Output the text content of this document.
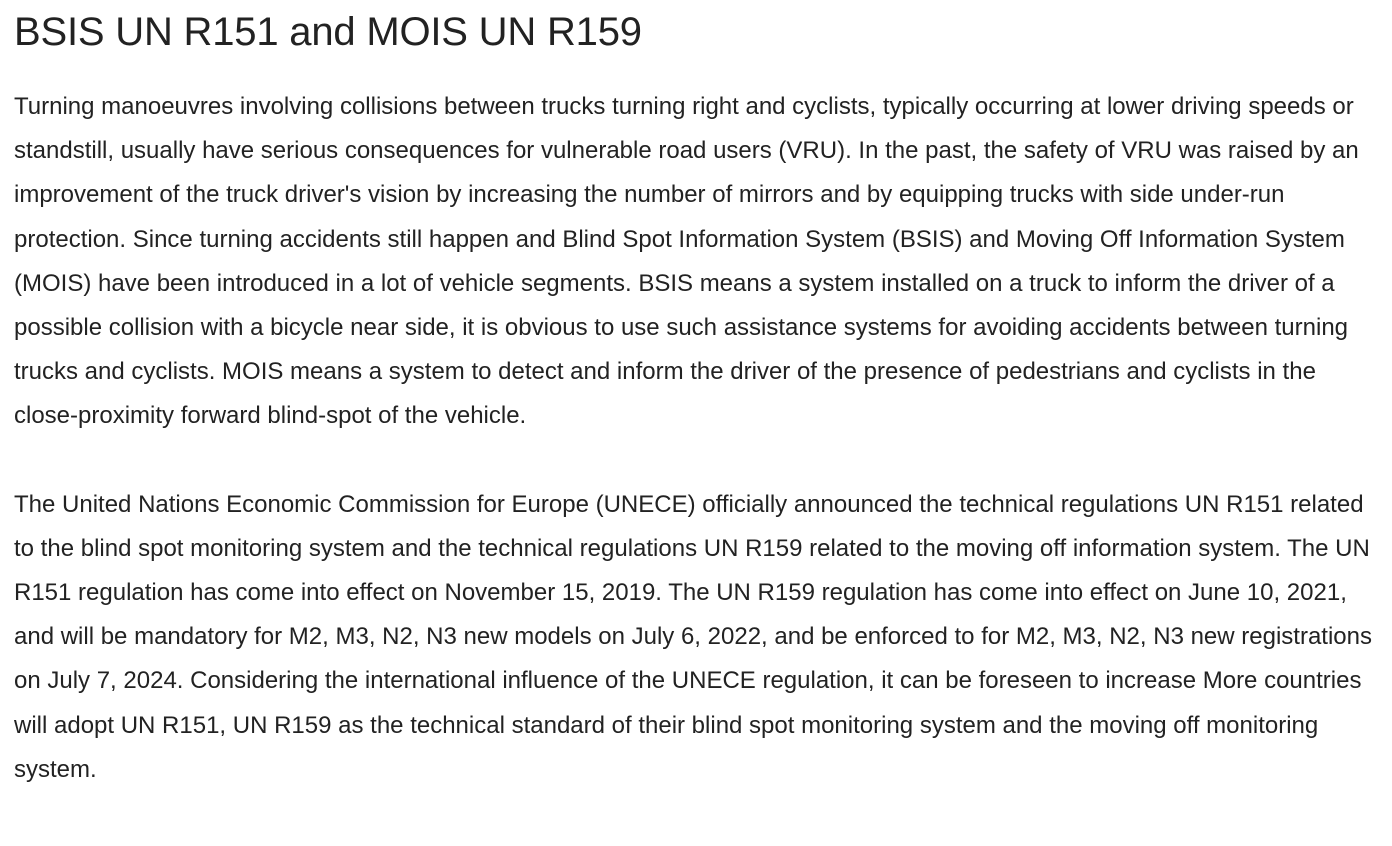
BSIS UN R151 and MOIS UN R159

Turning manoeuvres involving collisions between trucks turning right and cyclists, typically occurring at lower driving speeds or standstill, usually have serious consequences for vulnerable road users (VRU). In the past, the safety of VRU was raised by an improvement of the truck driver's vision by increasing the number of mirrors and by equipping trucks with side under-run protection. Since turning accidents still happen and Blind Spot Information System (BSIS) and Moving Off Information System (MOIS) have been introduced in a lot of vehicle segments. BSIS means a system installed on a truck to inform the driver of a possible collision with a bicycle near side, it is obvious to use such assistance systems for avoiding accidents between turning trucks and cyclists. MOIS means a system to detect and inform the driver of the presence of pedestrians and cyclists in the close-proximity forward blind-spot of the vehicle.

The United Nations Economic Commission for Europe (UNECE) officially announced the technical regulations UN R151 related to the blind spot monitoring system and the technical regulations UN R159 related to the moving off information system. The UN R151 regulation has come into effect on November 15, 2019. The UN R159 regulation has come into effect on June 10, 2021, and will be mandatory for M2, M3, N2, N3 new models on July 6, 2022, and be enforced to for M2, M3, N2, N3 new registrations on July 7, 2024. Considering the international influence of the UNECE regulation, it can be foreseen to increase More countries will adopt UN R151, UN R159 as the technical standard of their blind spot monitoring system and the moving off monitoring system.
